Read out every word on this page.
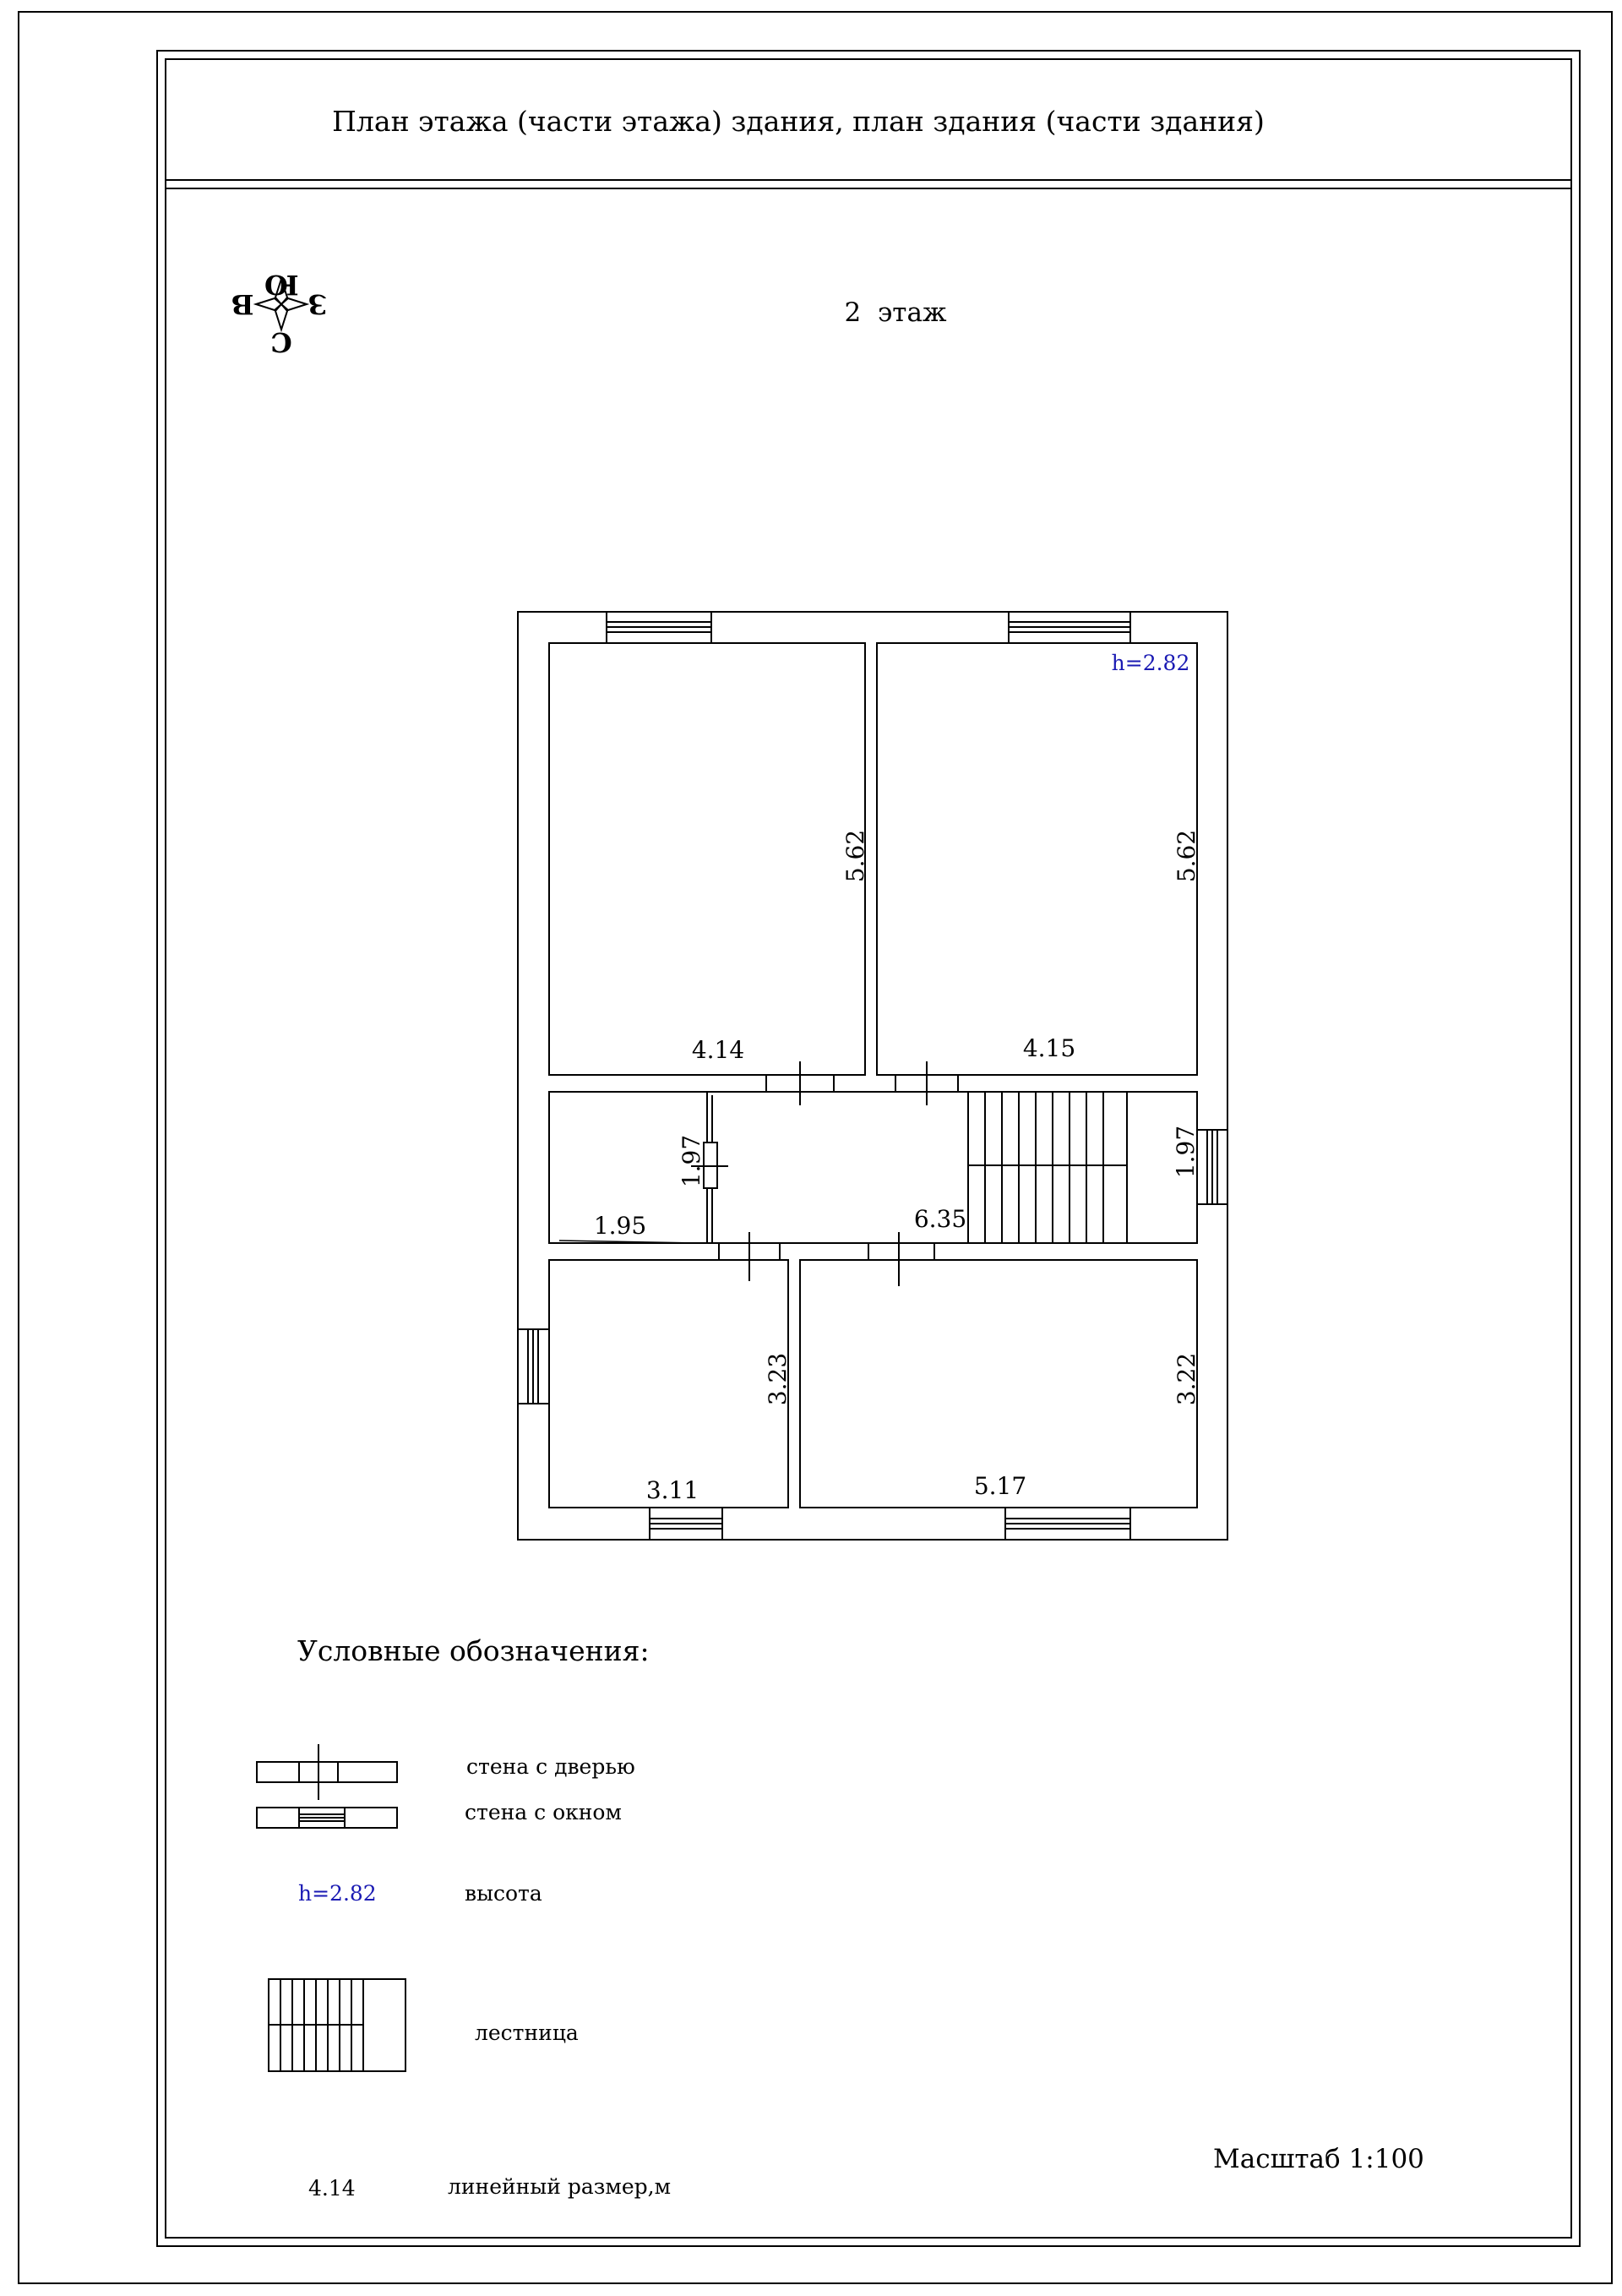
План этажа (части этажа) здания, план здания (части здания)
Ю
С
З
В	2  этаж
h=2.82
5.62	5.62
4.14	4.15
1.97
1.95	6.35
1.97
3.23	3.22
3.11	5.17
Условные обозначения:
стена с дверью
стена с окном
h=2.82	высота
лестница
Масштаб 1:100
4.14	линейный размер,м
